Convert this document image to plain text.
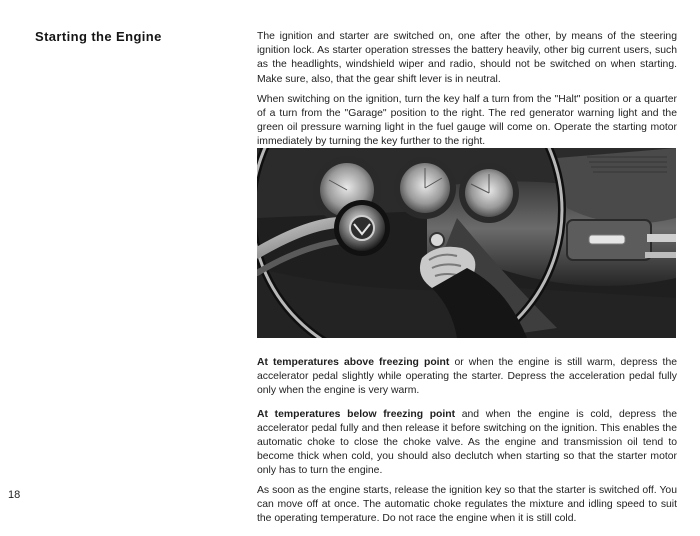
Starting the Engine	The ignition and starter are switched on, one after the other, by means of the steering ignition lock. As starter operation stresses the battery heavily, other big current users, such as the headlights, windshield wiper and radio, should not be switched on when starting. Make sure, also, that the gear shift lever is in neutral.

When switching on the ignition, turn the key half a turn from the "Halt" position or a quarter of a turn from the "Garage" position to the right. The red generator warning light and the green oil pressure warning light in the fuel gauge will come on. Operate the starting motor immediately by turning the key further to the right.

At temperatures above freezing point or when the engine is still warm, depress the accelerator pedal slightly while operating the starter. Depress the acceleration pedal fully only when the engine is very warm.

At temperatures below freezing point and when the engine is cold, depress the accelerator pedal fully and then release it before switching on the ignition. This enables the automatic choke to close the choke valve. As the engine and transmission oil tend to become thick when cold, you should also declutch when starting so that the starter motor only has to turn the engine.

As soon as the engine starts, release the ignition key so that the starter is switched off. You can move off at once. The automatic choke regulates the mixture and idling speed to suit the operating temperature. Do not race the engine when it is still cold.

18
